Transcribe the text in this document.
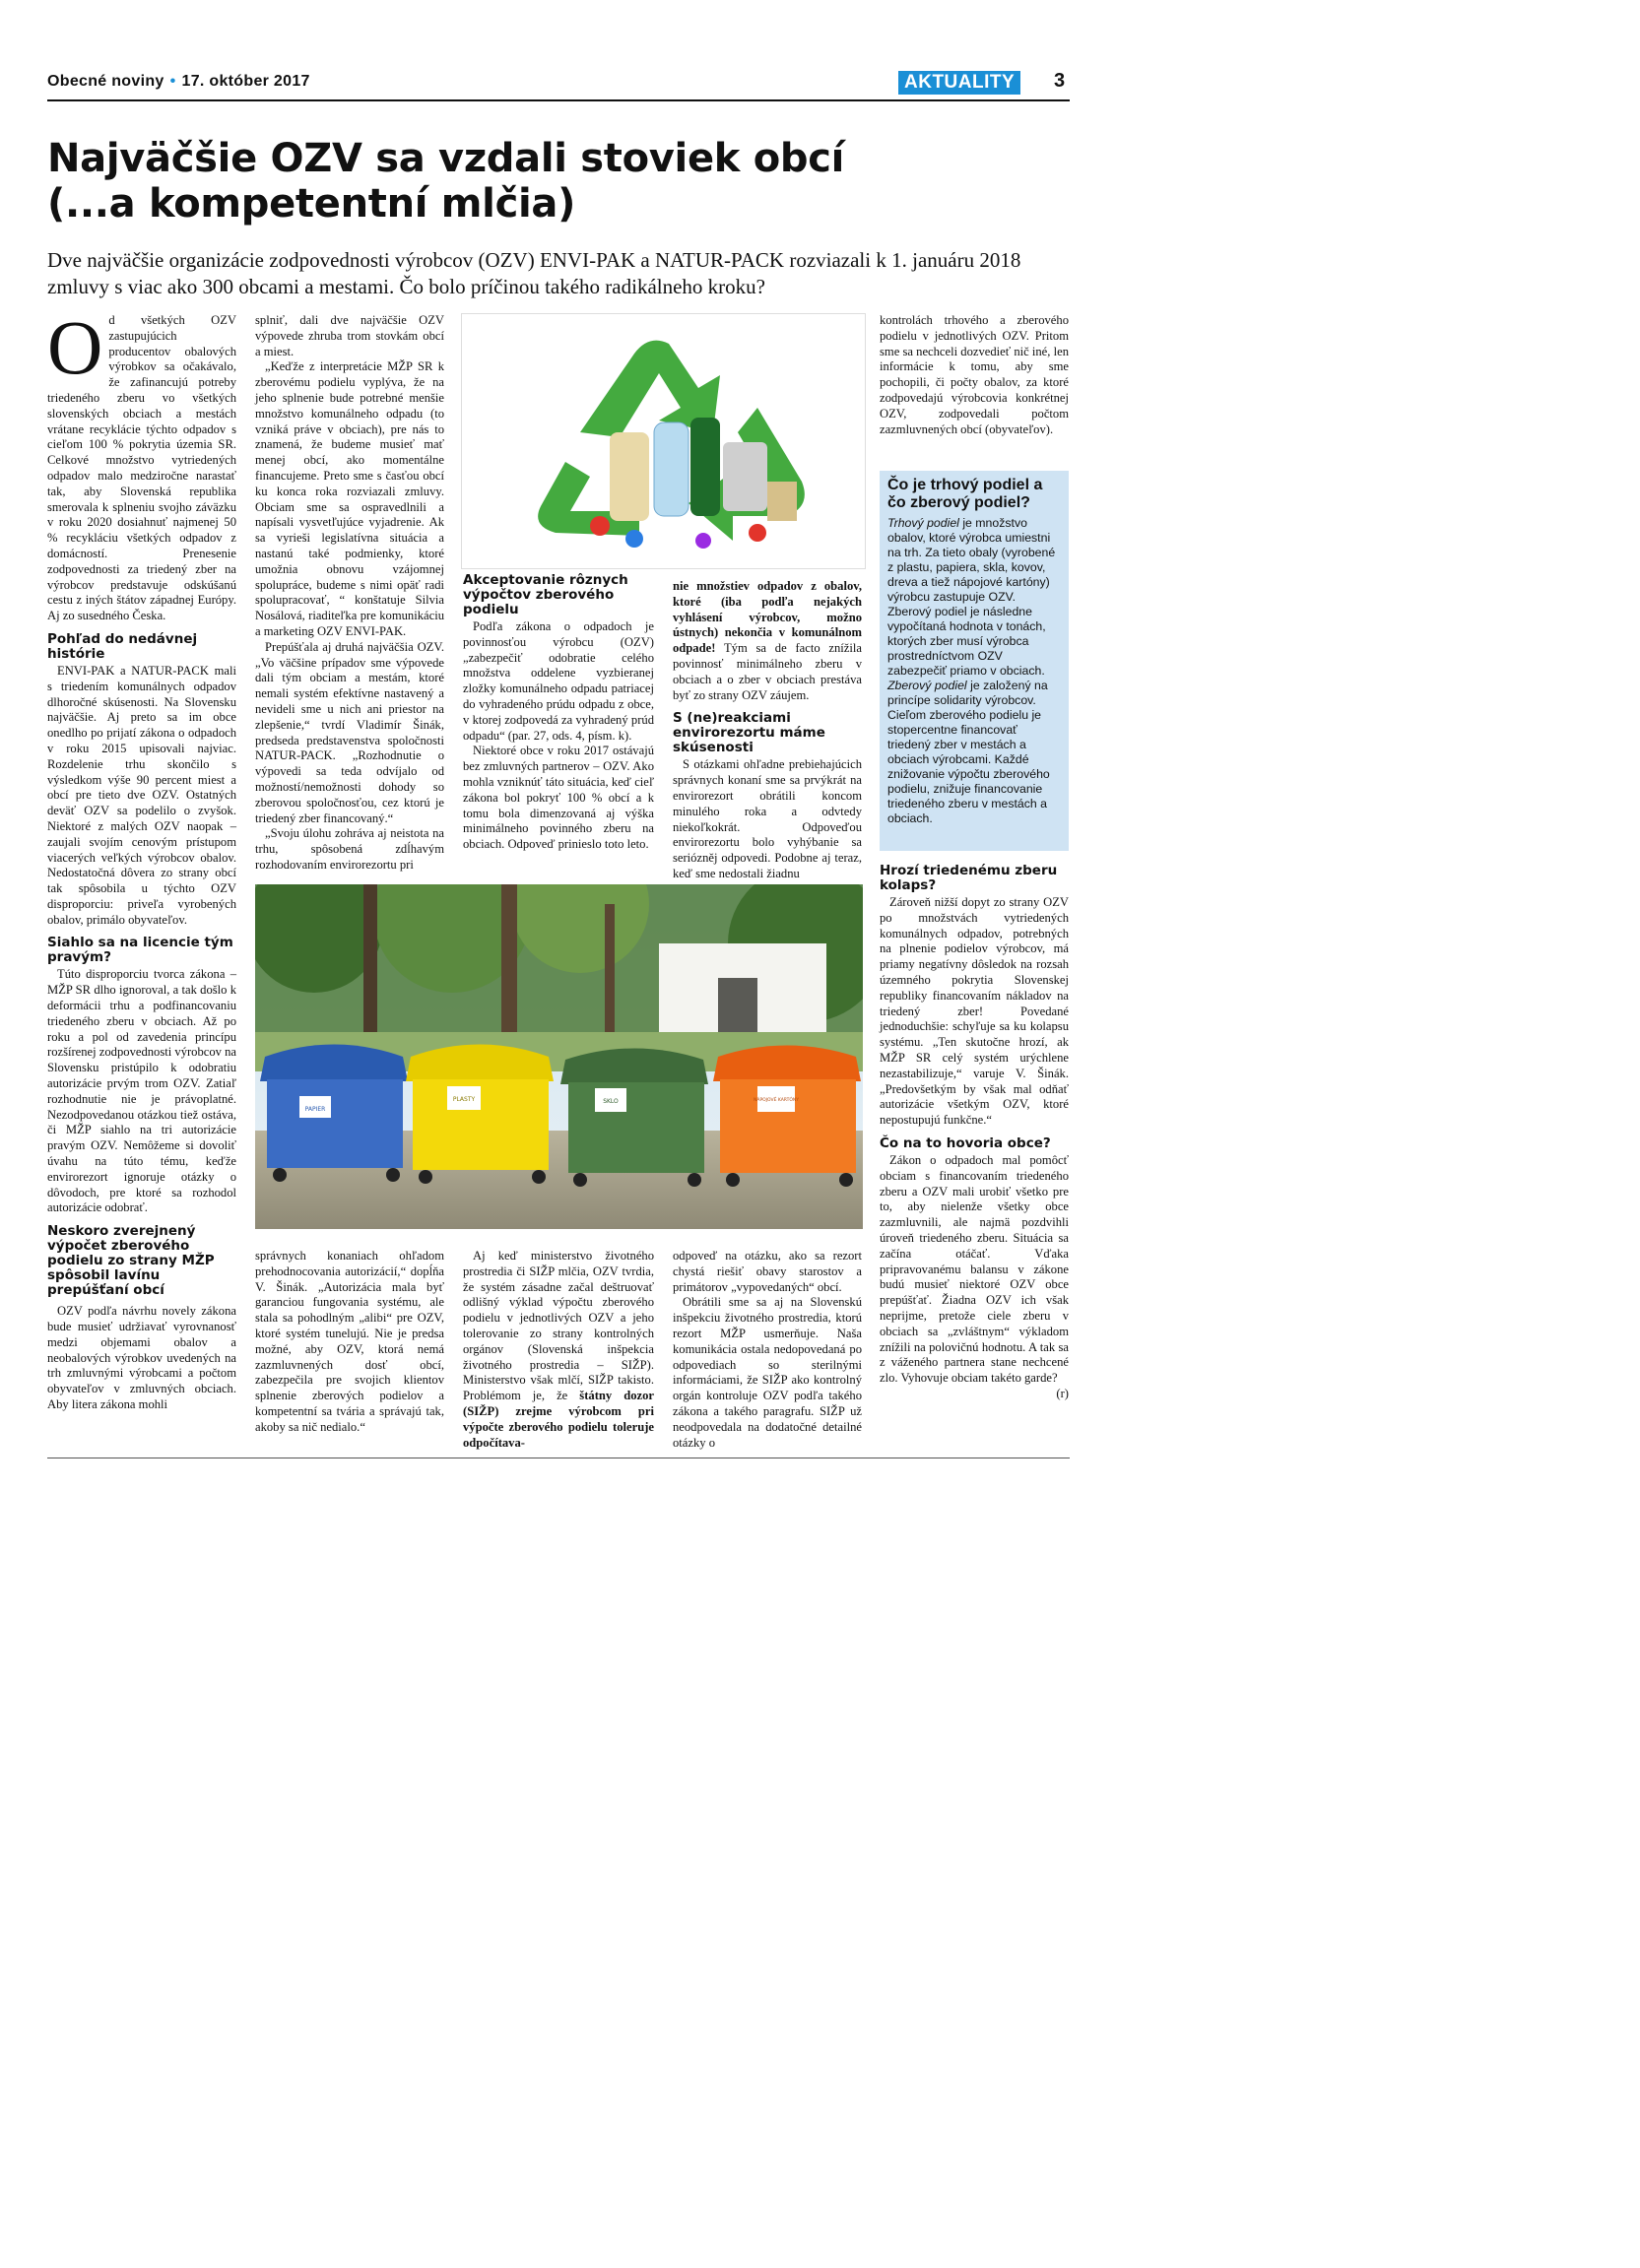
Obecné noviny • 17. október 2017	AKTUALITY	3
Najväčšie OZV sa vzdali stoviek obcí
(...a kompetentní mlčia)
Dve najväčšie organizácie zodpovednosti výrobcov (OZV) ENVI-PAK a NATUR-PACK rozviazali k 1. januáru 2018 zmluvy s viac ako 300 obcami a mestami. Čo bolo príčinou takého radikálneho kroku?

Od všetkých OZV zastupujúcich producentov obalových výrobkov sa očakávalo, že zafinancujú potreby triedeného zberu vo všetkých slovenských obciach a mestách vrátane recyklácie týchto odpadov s cieľom 100 % pokrytia územia SR. Celkové množstvo vytriedených odpadov malo medziročne narastať tak, aby Slovenská republika smerovala k splneniu svojho záväzku v roku 2020 dosiahnuť najmenej 50 % recykláciu všetkých odpadov z domácností. Prenesenie zodpovednosti za triedený zber na výrobcov predstavuje odskúšanú cestu z iných štátov západnej Európy. Aj zo susedného Česka.

Pohľad do nedávnej histórie

ENVI-PAK a NATUR-PACK mali s triedením komunálnych odpadov dlhoročné skúsenosti. Na Slovensku najväčšie. Aj preto sa im obce onedlho po prijatí zákona o odpadoch v roku 2015 upisovali najviac. Rozdelenie trhu skončilo s výsledkom výše 90 percent miest a obcí pre tieto dve OZV. Ostatných deväť OZV sa podelilo o zvyšok. Niektoré z malých OZV naopak – zaujali svojím cenovým prístupom viacerých veľkých výrobcov obalov. Nedostatočná dôvera zo strany obcí tak spôsobila u týchto OZV disproporciu: priveľa vyrobených obalov, primálo obyvateľov.

Siahlo sa na licencie tým pravým?

Túto disproporciu tvorca zákona – MŽP SR dlho ignoroval, a tak došlo k deformácii trhu a podfinancovaniu triedeného zberu v obciach. Až po roku a pol od zavedenia princípu rozšírenej zodpovednosti výrobcov na Slovensku pristúpilo k odobratiu autorizácie prvým trom OZV. Zatiaľ rozhodnutie nie je právoplatné. Nezodpovedanou otázkou tiež ostáva, či MŽP siahlo na tri autorizácie pravým OZV. Nemôžeme si dovoliť úvahu na túto tému, keďže envirorezort ignoruje otázky o dôvodoch, pre ktoré sa rozhodol autorizácie odobrať.

Neskoro zverejnený výpočet zberového podielu zo strany MŽP spôsobil lavínu prepúšťaní obcí

OZV podľa návrhu novely zákona bude musieť udržiavať vyrovnanosť medzi objemami obalov a neobalových výrobkov uvedených na trh zmluvnými výrobcami a počtom obyvateľov v zmluvných obciach. Aby litera zákona mohli

splniť, dali dve najväčšie OZV výpovede zhruba trom stovkám obcí a miest.

„Keďže z interpretácie MŽP SR k zberovému podielu vyplýva, že na jeho splnenie bude potrebné menšie množstvo komunálneho odpadu (to vzniká práve v obciach), pre nás to znamená, že budeme musieť mať menej obcí, ako momentálne financujeme. Preto sme s časťou obcí ku konca roka rozviazali zmluvy. Obciam sme sa ospravedlnili a napísali vysvetľujúce vyjadrenie. Ak sa vyrieši legislatívna situácia a nastanú také podmienky, ktoré umožnia obnovu vzájomnej spolupráce, budeme s nimi opäť radi spolupracovať, “ konštatuje Silvia Nosálová, riaditeľka pre komunikáciu a marketing OZV ENVI-PAK.

Prepúšťala aj druhá najväčšia OZV. „Vo väčšine prípadov sme výpovede dali tým obciam a mestám, ktoré nemali systém efektívne nastavený a nevideli sme u nich ani priestor na zlepšenie,“ tvrdí Vladimír Šinák, predseda predstavenstva spoločnosti NATUR-PACK. „Rozhodnutie o výpovedi sa teda odvíjalo od možností/nemožnosti dohody so zberovou spoločnosťou, cez ktorú je triedený zber financovaný.“

„Svoju úlohu zohráva aj neistota na trhu, spôsobená zdĺhavým rozhodovaním envirorezortu pri

Akceptovanie rôznych výpočtov zberového podielu

Podľa zákona o odpadoch je povinnosťou výrobcu (OZV) „zabezpečiť odobratie celého množstva oddelene vyzbieranej zložky komunálneho odpadu patriacej do vyhradeného prúdu odpadu z obce, v ktorej zodpovedá za vyhradený prúd odpadu“ (par. 27, ods. 4, písm. k).

Niektoré obce v roku 2017 ostávajú bez zmluvných partnerov – OZV. Ako mohla vzniknúť táto situácia, keď cieľ zákona bol pokryť 100 % obcí a k tomu bola dimenzovaná aj výška minimálneho povinného zberu na obciach. Odpoveď prinieslo toto leto.

nie množstiev odpadov z obalov, ktoré (iba podľa nejakých vyhlásení výrobcov, možno ústnych) nekončia v komunálnom odpade! Tým sa de facto znížila povinnosť minimálneho zberu v obciach a o zber v obciach prestáva byť zo strany OZV záujem.

S (ne)reakciami envirorezortu máme skúsenosti

S otázkami ohľadne prebiehajúcich správnych konaní sme sa prvýkrát na envirorezort obrátili koncom minulého roka a odvtedy niekoľkokrát. Odpoveďou envirorezortu bolo vyhýbanie sa seriózněj odpovedi. Podobne aj teraz, keď sme nedostali žiadnu

kontrolách trhového a zberového podielu v jednotlivých OZV. Pritom sme sa nechceli dozvedieť nič iné, len informácie k tomu, aby sme pochopili, či počty obalov, za ktoré zodpovedajú výrobcovia konkrétnej OZV, zodpovedali počtom zazmluvnených obcí (obyvateľov).

Čo je trhový podiel a čo zberový podiel?

Trhový podiel je množstvo obalov, ktoré výrobca umiestni na trh. Za tieto obaly (vyrobené z plastu, papiera, skla, kovov, dreva a tiež nápojové kartóny) výrobcu zastupuje OZV. Zberový podiel je následne vypočítaná hodnota v tonách, ktorých zber musí výrobca prostredníctvom OZV zabezpečiť priamo v obciach.

Zberový podiel je založený na princípe solidarity výrobcov. Cieľom zberového podielu je stopercentne financovať triedený zber v mestách a obciach výrobcami. Každé znižovanie výpočtu zberového podielu, znižuje financovanie triedeného zberu v mestách a obciach.

Hrozí triedenému zberu kolaps?

Zároveň nižší dopyt zo strany OZV po množstvách vytriedených komunálnych odpadov, potrebných na plnenie podielov výrobcov, má priamy negatívny dôsledok na rozsah územného pokrytia Slovenskej republiky financovaním nákladov na triedený zber! Povedané jednoduchšie: schyľuje sa ku kolapsu systému. „Ten skutočne hrozí, ak MŽP SR celý systém urýchlene nezastabilizuje,“ varuje V. Šinák. „Predovšetkým by však mal odňať autorizácie všetkým OZV, ktoré nepostupujú funkčne.“

Čo na to hovoria obce?

Zákon o odpadoch mal pomôcť obciam s financovaním triedeného zberu a OZV mali urobiť všetko pre to, aby nielenže všetky obce zazmluvnili, ale najmä pozdvihli úroveň triedeného zberu. Situácia sa začína otáčať. Vďaka pripravovanému balansu v zákone budú musieť niektoré OZV obce prepúšťať. Žiadna OZV ich však neprijme, pretože ciele zberu v obciach sa „zvláštnym“ výkladom znížili na polovičnú hodnotu. A tak sa z váženého partnera stane nechcené zlo. Vyhovuje obciam takéto garde?

(r)

PAPIER
PLASTY	SKLO	NÁPOJOVÉ KARTÓNY

správnych konaniach ohľadom prehodnocovania autorizácií,“ dopĺňa V. Šinák. „Autorizácia mala byť garanciou fungovania systému, ale stala sa pohodlným „alibi“ pre OZV, ktoré systém tunelujú. Nie je predsa možné, aby OZV, ktorá nemá zazmluvnených dosť obcí, zabezpečila pre svojich klientov splnenie zberových podielov a kompetentní sa tvária a správajú tak, akoby sa nič nedialo.“

Aj keď ministerstvo životného prostredia či SIŽP mlčia, OZV tvrdia, že systém zásadne začal deštruovať odlišný výklad výpočtu zberového podielu v jednotlivých OZV a jeho tolerovanie zo strany kontrolných orgánov (Slovenská inšpekcia životného prostredia – SIŽP). Ministerstvo však mlčí, SIŽP takisto. Problémom je, že štátny dozor (SIŽP) zrejme výrobcom pri výpočte zberového podielu toleruje odpočítava-

odpoveď na otázku, ako sa rezort chystá riešiť obavy starostov a primátorov „vypovedaných“ obcí.

Obrátili sme sa aj na Slovenskú inšpekciu životného prostredia, ktorú rezort MŽP usmerňuje. Naša komunikácia ostala nedopovedaná po odpovediach so sterilnými informáciami, že SIŽP ako kontrolný orgán kontroluje OZV podľa takého zákona a takého paragrafu. SIŽP už neodpovedala na dodatočné detailné otázky o
